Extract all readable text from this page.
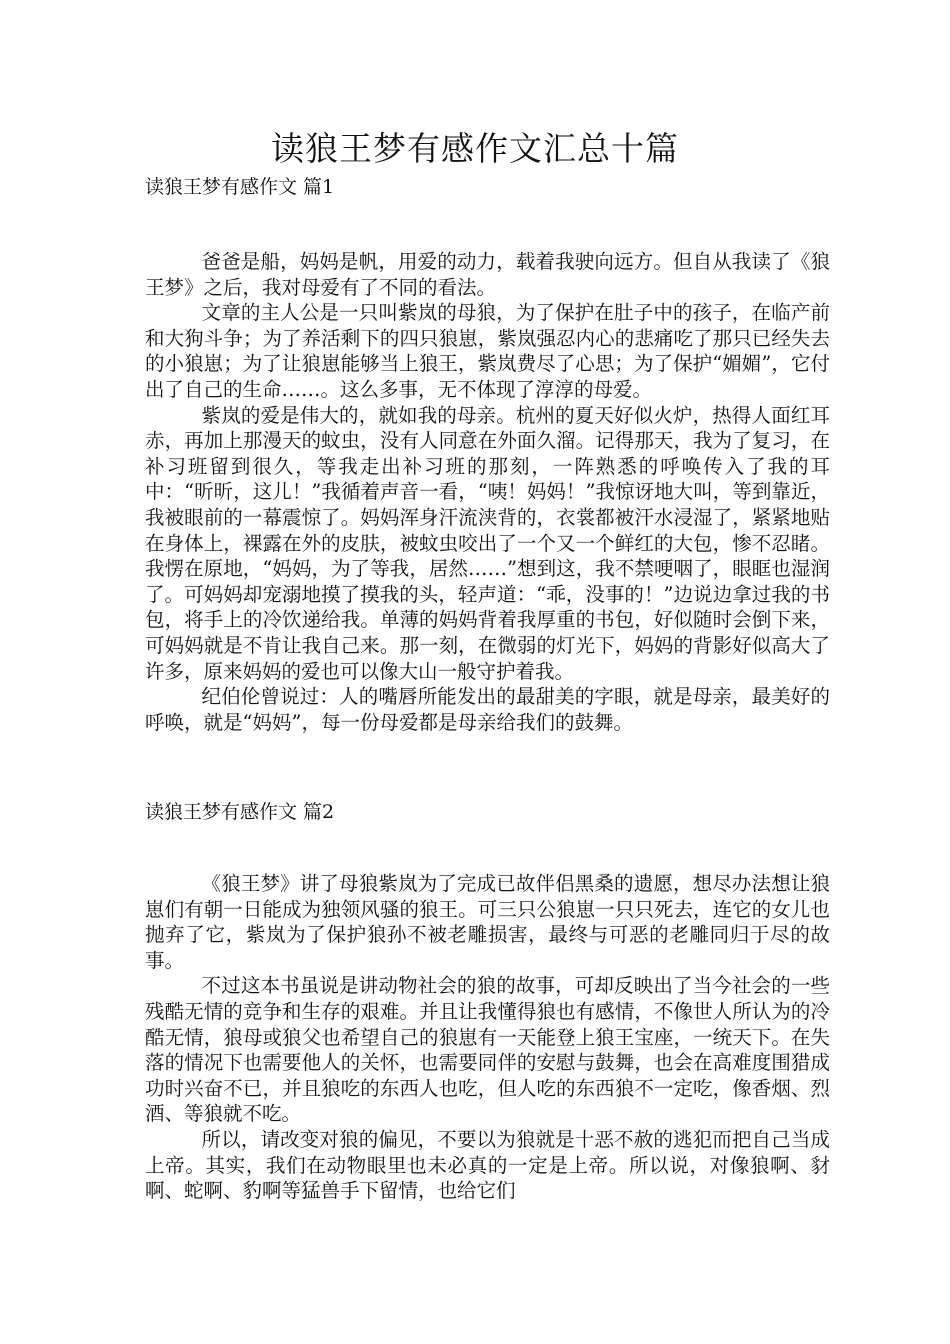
读狼王梦有感作文汇总十篇
读狼王梦有感作文 篇1

爸爸是船，妈妈是帆，用爱的动力，载着我驶向远方。但自从我读了《狼王梦》之后，我对母爱有了不同的看法。

文章的主人公是一只叫紫岚的母狼，为了保护在肚子中的孩子，在临产前和大狗斗争；为了养活剩下的四只狼崽，紫岚强忍内心的悲痛吃了那只已经失去的小狼崽；为了让狼崽能够当上狼王，紫岚费尽了心思；为了保护“媚媚”，它付出了自己的生命……。这么多事，无不体现了淳淳的母爱。

紫岚的爱是伟大的，就如我的母亲。杭州的夏天好似火炉，热得人面红耳赤，再加上那漫天的蚊虫，没有人同意在外面久溜。记得那天，我为了复习，在补习班留到很久，等我走出补习班的那刻，一阵熟悉的呼唤传入了我的耳中：“昕昕，这儿！”我循着声音一看，“咦！妈妈！”我惊讶地大叫，等到靠近，我被眼前的一幕震惊了。妈妈浑身汗流浃背的，衣裳都被汗水浸湿了，紧紧地贴在身体上，裸露在外的皮肤，被蚊虫咬出了一个又一个鲜红的大包，惨不忍睹。我愣在原地，“妈妈，为了等我，居然……”想到这，我不禁哽咽了，眼眶也湿润了。可妈妈却宠溺地摸了摸我的头，轻声道：“乖，没事的！”边说边拿过我的书包，将手上的冷饮递给我。单薄的妈妈背着我厚重的书包，好似随时会倒下来，可妈妈就是不肯让我自己来。那一刻，在微弱的灯光下，妈妈的背影好似高大了许多，原来妈妈的爱也可以像大山一般守护着我。

纪伯伦曾说过：人的嘴唇所能发出的最甜美的字眼，就是母亲，最美好的呼唤，就是“妈妈”，每一份母爱都是母亲给我们的鼓舞。

读狼王梦有感作文 篇2

《狼王梦》讲了母狼紫岚为了完成已故伴侣黑桑的遗愿，想尽办法想让狼崽们有朝一日能成为独领风骚的狼王。可三只公狼崽一只只死去，连它的女儿也抛弃了它，紫岚为了保护狼孙不被老雕损害，最终与可恶的老雕同归于尽的故事。

不过这本书虽说是讲动物社会的狼的故事，可却反映出了当今社会的一些残酷无情的竞争和生存的艰难。并且让我懂得狼也有感情，不像世人所认为的冷酷无情，狼母或狼父也希望自己的狼崽有一天能登上狼王宝座，一统天下。在失落的情况下也需要他人的关怀，也需要同伴的安慰与鼓舞，也会在高难度围猎成功时兴奋不已，并且狼吃的东西人也吃，但人吃的东西狼不一定吃，像香烟、烈酒、等狼就不吃。

所以，请改变对狼的偏见，不要以为狼就是十恶不赦的逃犯而把自己当成上帝。其实，我们在动物眼里也未必真的一定是上帝。所以说，对像狼啊、豺啊、蛇啊、豹啊等猛兽手下留情，也给它们
